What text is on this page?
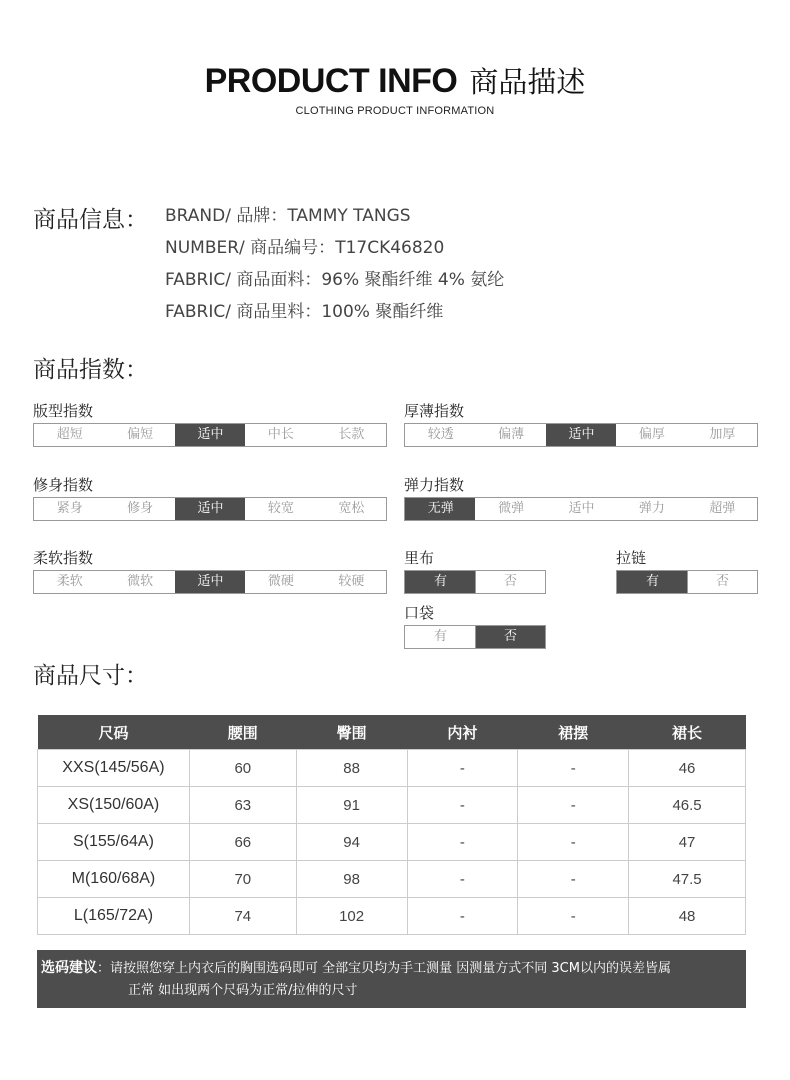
PRODUCT INFO 商品描述
CLOTHING PRODUCT INFORMATION
商品信息： BRAND/ 品牌：TAMMY TANGS
NUMBER/ 商品编号：T17CK46820
FABRIC/ 商品面料：96% 聚酯纤维 4% 氨纶
FABRIC/ 商品里料：100% 聚酯纤维
商品指数：
版型指数
超短	偏短	适中	中长	长款
厚薄指数
较透	偏薄	适中	偏厚	加厚
修身指数
紧身	修身	适中	较宽	宽松
弹力指数
无弹	微弹	适中	弹力	超弹
柔软指数
柔软	微软	适中	微硬	较硬
里布
有	否
拉链
有	否
口袋
有	否
商品尺寸：
尺码	腰围	臀围	内衬	裙摆	裙长
XXS(145/56A)	60	88	-	-	46
XS(150/60A)	63	91	-	-	46.5
S(155/64A)	66	94	-	-	47
M(160/68A)	70	98	-	-	47.5
L(165/72A)	74	102	-	-	48
选码建议：请按照您穿上内衣后的胸围选码即可 全部宝贝均为手工测量 因测量方式不同 3CM以内的误差皆属
正常 如出现两个尺码为正常/拉伸的尺寸
